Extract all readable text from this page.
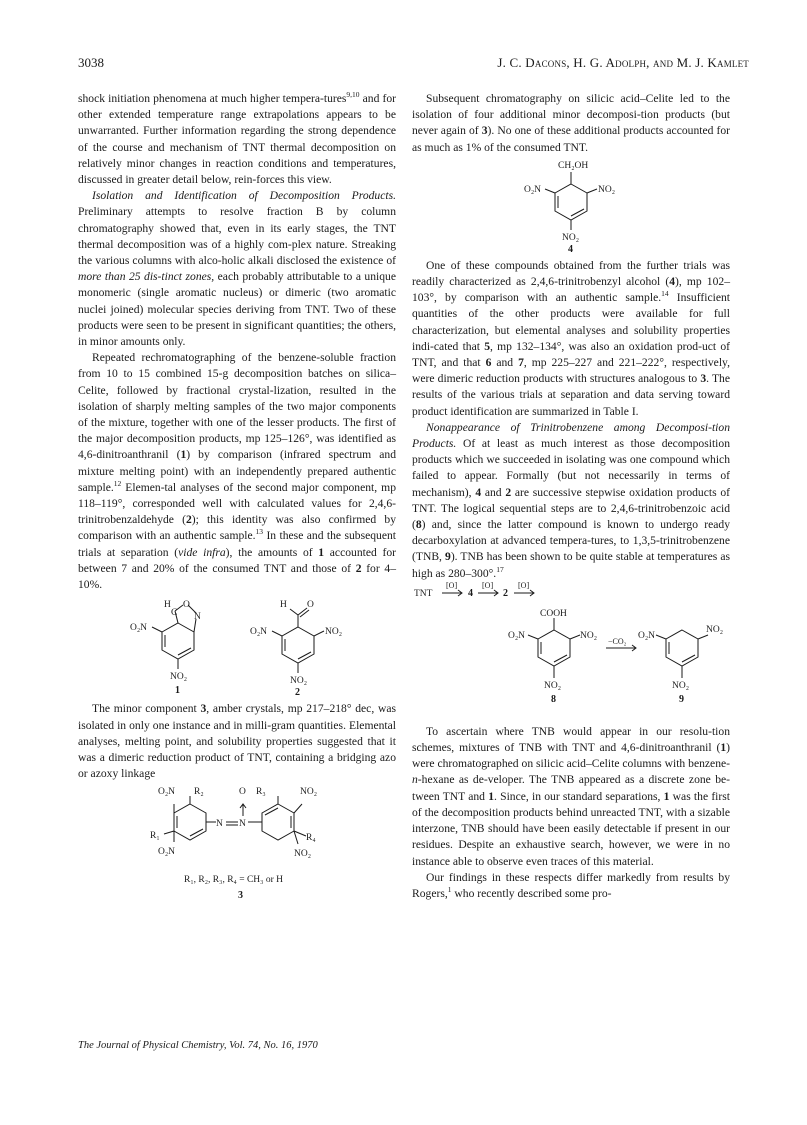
3038	J. C. Dacons, H. G. Adolph, and M. J. Kamlet

shock initiation phenomena at much higher tempera-tures$^{9,10}$ and for other extended temperature range extrapolations appears to be unwarranted. Further information regarding the strong dependence of the course and mechanism of TNT thermal decomposition on relatively minor changes in reaction conditions and temperatures, discussed in greater detail below, rein-forces this view.

Isolation and Identification of Decomposition Products. Preliminary attempts to resolve fraction B by column chromatography showed that, even in its early stages, the TNT thermal decomposition was of a highly com-plex nature. Streaking the various columns with alco-holic alkali disclosed the existence of more than 25 dis-tinct zones, each probably attributable to a unique monomeric (single aromatic nucleus) or dimeric (two aromatic nuclei joined) molecular species deriving from TNT. Two of these products were seen to be present in significant quantities; the others, in minor amounts only.

Repeated rechromatographing of the benzene-soluble fraction from 10 to 15 combined 15-g decomposition batches on silica–Celite, followed by fractional crystal-lization, resulted in the isolation of sharply melting samples of the two major components of the mixture, together with one of the lesser products. The first of the major decomposition products, mp 125–126°, was identified as 4,6-dinitroanthranil (1) by comparison (infrared spectrum and mixture melting point) with an independently prepared authentic sample.$^{12}$ Elemen-tal analyses of the second major component, mp 118–119°, corresponded well with calculated values for 2,4,6-trinitrobenzaldehyde (2); this identity was also confirmed by comparison with an authentic sample.$^{13}$ In these and the subsequent trials at separation (vide infra), the amounts of 1 accounted for between 7 and 20% of the consumed TNT and those of 2 for 4–10%.

H
C
O
N
O₂N
NO₂
1
H O
O₂N	NO₂
NO₂
2

The minor component 3, amber crystals, mp 217–218° dec, was isolated in only one instance and in milli-gram quantities. Elemental analyses, melting point, and solubility properties suggested that it was a dimeric reduction product of TNT, containing a bridging azo or azoxy linkage

O₂N R₂
R₁
O₂N
N
O
N
R₃	NO₂
R₄
NO₂
R₁, R₂, R₃, R₄ = CH₃ or H
3

Subsequent chromatography on silicic acid–Celite led to the isolation of four additional minor decomposi-tion products (but never again of 3). No one of these additional products accounted for as much as 1% of the consumed TNT.

CH₂OH
O₂N	NO₂
NO₂
4

One of these compounds obtained from the further trials was readily characterized as 2,4,6-trinitrobenzyl alcohol (4), mp 102–103°, by comparison with an authentic sample.$^{14}$ Insufficient quantities of the other products were available for full characterization, but elemental analyses and solubility properties indi-cated that 5, mp 132–134°, was also an oxidation prod-uct of TNT, and that 6 and 7, mp 225–227 and 221–222°, respectively, were dimeric reduction products with structures analogous to 3. The results of the various trials at separation and data serving toward product identification are summarized in Table I.

Nonappearance of Trinitrobenzene among Decomposi-tion Products. Of at least as much interest as those decomposition products which we succeeded in isolating was one compound which failed to appear. Formally (but not necessarily in terms of mechanism), 4 and 2 are successive stepwise oxidation products of TNT. The logical sequential steps are to 2,4,6-trinitrobenzoic acid (8) and, since the latter compound is known to undergo ready decarboxylation at advanced tempera-tures, to 1,3,5-trinitrobenzene (TNB, 9). TNB has been shown to be quite stable at temperatures as high as 280–300°.$^{17}$

TNT
[O]
4
[O]
2
[O]
COOH
O₂N	NO₂
NO₂
8
−CO₂
O₂N
NO₂
NO₂
9

To ascertain where TNB would appear in our resolu-tion schemes, mixtures of TNB with TNT and 4,6-dinitroanthranil (1) were chromatographed on silicic acid–Celite columns with benzene-n-hexane as de-veloper. The TNB appeared as a discrete zone be-tween TNT and 1. Since, in our standard separations, 1 was the first of the decomposition products behind unreacted TNT, with a sizable interzone, TNB should have been easily detectable if present in our residues. Despite an exhaustive search, however, we were in no instance able to observe even traces of this material.

Our findings in these respects differ markedly from results by Rogers,$^1$ who recently described some pro-

The Journal of Physical Chemistry, Vol. 74, No. 16, 1970
